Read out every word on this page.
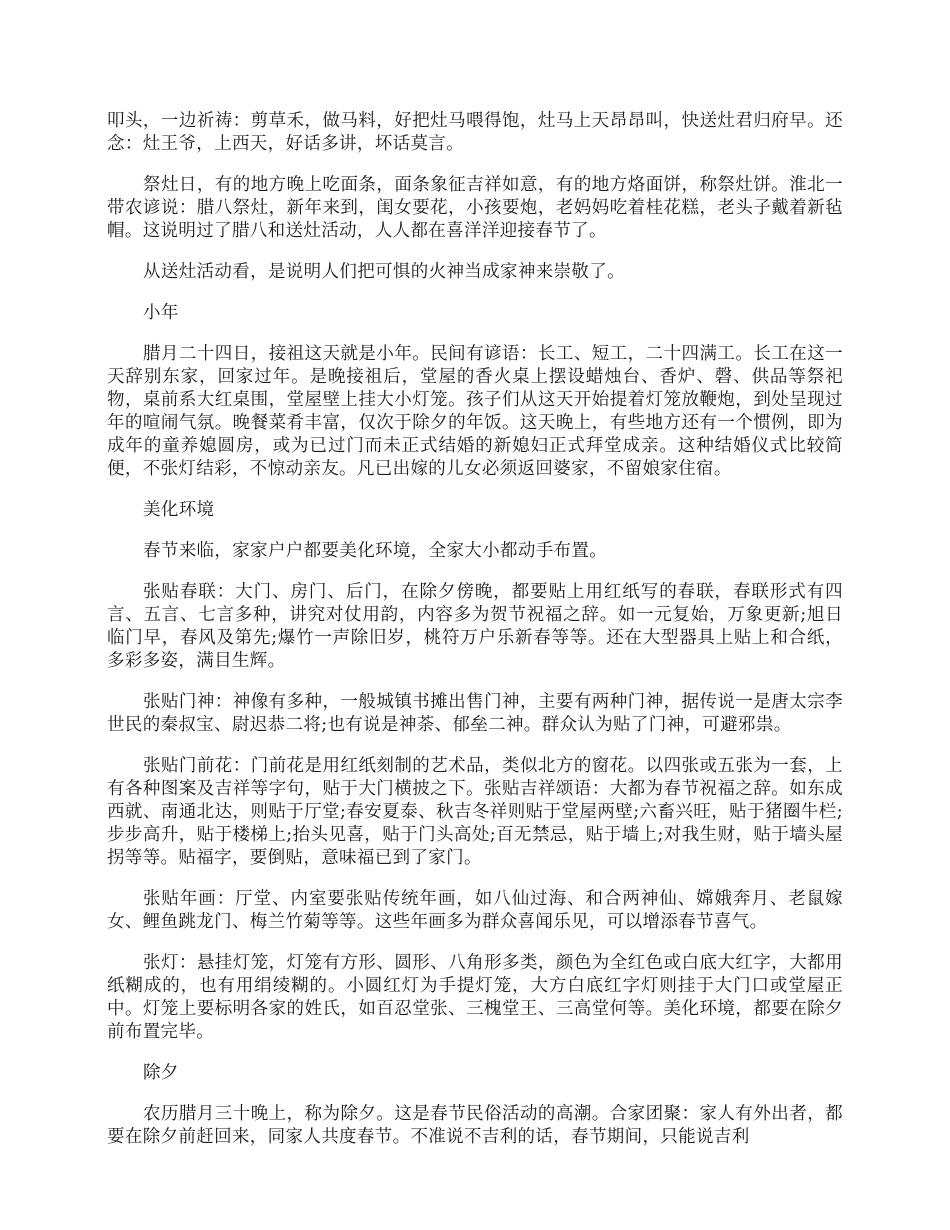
叩头，一边祈祷：剪草禾，做马料，好把灶马喂得饱，灶马上天昂昂叫，快送灶君归府早。还念：灶王爷，上西天，好话多讲，坏话莫言。

祭灶日，有的地方晚上吃面条，面条象征吉祥如意，有的地方烙面饼，称祭灶饼。淮北一带农谚说：腊八祭灶，新年来到，闺女要花，小孩要炮，老妈妈吃着桂花糕，老头子戴着新毡帽。这说明过了腊八和送灶活动，人人都在喜洋洋迎接春节了。

从送灶活动看，是说明人们把可惧的火神当成家神来崇敬了。

小年

腊月二十四日，接祖这天就是小年。民间有谚语：长工、短工，二十四满工。长工在这一天辞别东家，回家过年。是晚接祖后，堂屋的香火桌上摆设蜡烛台、香炉、磬、供品等祭祀物，桌前系大红桌围，堂屋壁上挂大小灯笼。孩子们从这天开始提着灯笼放鞭炮，到处呈现过年的喧闹气氛。晚餐菜肴丰富，仅次于除夕的年饭。这天晚上，有些地方还有一个惯例，即为成年的童养媳圆房，或为已过门而未正式结婚的新媳妇正式拜堂成亲。这种结婚仪式比较简便，不张灯结彩，不惊动亲友。凡已出嫁的儿女必须返回婆家，不留娘家住宿。

美化环境

春节来临，家家户户都要美化环境，全家大小都动手布置。

张贴春联：大门、房门、后门，在除夕傍晚，都要贴上用红纸写的春联，春联形式有四言、五言、七言多种，讲究对仗用韵，内容多为贺节祝福之辞。如一元复始，万象更新;旭日临门早，春风及第先;爆竹一声除旧岁，桃符万户乐新春等等。还在大型器具上贴上和合纸，多彩多姿，满目生辉。

张贴门神：神像有多种，一般城镇书摊出售门神，主要有两种门神，据传说一是唐太宗李世民的秦叔宝、尉迟恭二将;也有说是神荼、郁垒二神。群众认为贴了门神，可避邪祟。

张贴门前花：门前花是用红纸刻制的艺术品，类似北方的窗花。以四张或五张为一套，上有各种图案及吉祥等字句，贴于大门横披之下。张贴吉祥颂语：大都为春节祝福之辞。如东成西就、南通北达，则贴于厅堂;春安夏泰、秋吉冬祥则贴于堂屋两壁;六畜兴旺，贴于猪圈牛栏;步步高升，贴于楼梯上;抬头见喜，贴于门头高处;百无禁忌，贴于墙上;对我生财，贴于墙头屋拐等等。贴福字，要倒贴，意味福已到了家门。

张贴年画：厅堂、内室要张贴传统年画，如八仙过海、和合两神仙、嫦娥奔月、老鼠嫁女、鲤鱼跳龙门、梅兰竹菊等等。这些年画多为群众喜闻乐见，可以增添春节喜气。

张灯：悬挂灯笼，灯笼有方形、圆形、八角形多类，颜色为全红色或白底大红字，大都用纸糊成的，也有用绢绫糊的。小圆红灯为手提灯笼，大方白底红字灯则挂于大门口或堂屋正中。灯笼上要标明各家的姓氏，如百忍堂张、三槐堂王、三高堂何等。美化环境，都要在除夕前布置完毕。

除夕

农历腊月三十晚上，称为除夕。这是春节民俗活动的高潮。合家团聚：家人有外出者，都要在除夕前赶回来，同家人共度春节。不准说不吉利的话，春节期间，只能说吉利
